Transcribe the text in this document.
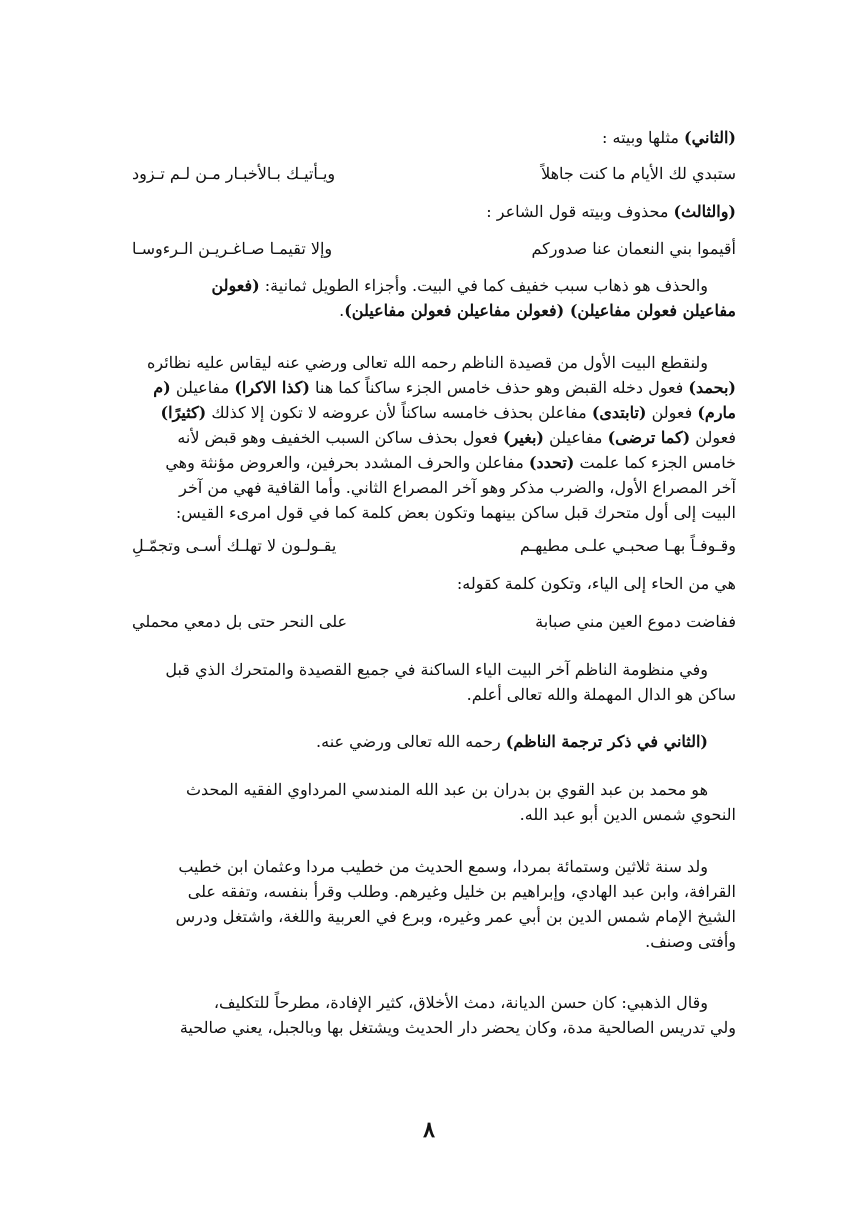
(الثاني) مثلها وبيته :
ستبدي لك الأيام ما كنت جاهلاً
ويـأتيـك بـالأخبـار مـن لـم تـزود
(والثالث) محذوف وبيته قول الشاعر :
أقيموا بني النعمان عنا صدوركم
وإلا تقيمـا صـاغـريـن الـرءوسـا
والحذف هو ذهاب سبب خفيف كما في البيت. وأجزاء الطويل ثمانية: (فعولن
مفاعيلن فعولن مفاعيلن) (فعولن مفاعيلن فعولن مفاعيلن).
ولنقطع البيت الأول من قصيدة الناظم رحمه الله تعالى ورضي عنه ليقاس عليه نظائره
(بحمد) فعول دخله القبض وهو حذف خامس الجزء ساكناً كما هنا (كذا الاكرا) مفاعيلن (م
مارم) فعولن (تابتدى) مفاعلن بحذف خامسه ساكناً لأن عروضه لا تكون إلا كذلك (كثيرًا)
فعولن (كما ترضى) مفاعيلن (بغير) فعول بحذف ساكن السبب الخفيف وهو قبض لأنه
خامس الجزء كما علمت (تحدد) مفاعلن والحرف المشدد بحرفين، والعروض مؤنثة وهي
آخر المصراع الأول، والضرب مذكر وهو آخر المصراع الثاني. وأما القافية فهي من آخر
البيت إلى أول متحرك قبل ساكن بينهما وتكون بعض كلمة كما في قول امرىء القيس:
وقـوفـاً بهـا صحبـي علـى مطيهـم
يقـولـون لا تهلـك أسـى وتجمّـلِ
هي من الحاء إلى الياء، وتكون كلمة كقوله:
ففاضت دموع العين مني صبابة
على النحر حتى بل دمعي محملي
وفي منظومة الناظم آخر البيت الياء الساكنة في جميع القصيدة والمتحرك الذي قبل
ساكن هو الدال المهملة والله تعالى أعلم.
(الثاني في ذكر ترجمة الناظم) رحمه الله تعالى ورضي عنه.
هو محمد بن عبد القوي بن بدران بن عبد الله المندسي المرداوي الفقيه المحدث
النحوي شمس الدين أبو عبد الله.
ولد سنة ثلاثين وستمائة بمردا، وسمع الحديث من خطيب مردا وعثمان ابن خطيب
القرافة، وابن عبد الهادي، وإبراهيم بن خليل وغيرهم. وطلب وقرأ بنفسه، وتفقه على
الشيخ الإمام شمس الدين بن أبي عمر وغيره، وبرع في العربية واللغة، واشتغل ودرس
وأفتى وصنف.
وقال الذهبي: كان حسن الديانة، دمث الأخلاق، كثير الإفادة، مطرحاً للتكليف،
ولي تدريس الصالحية مدة، وكان يحضر دار الحديث ويشتغل بها وبالجبل، يعني صالحية
٨
